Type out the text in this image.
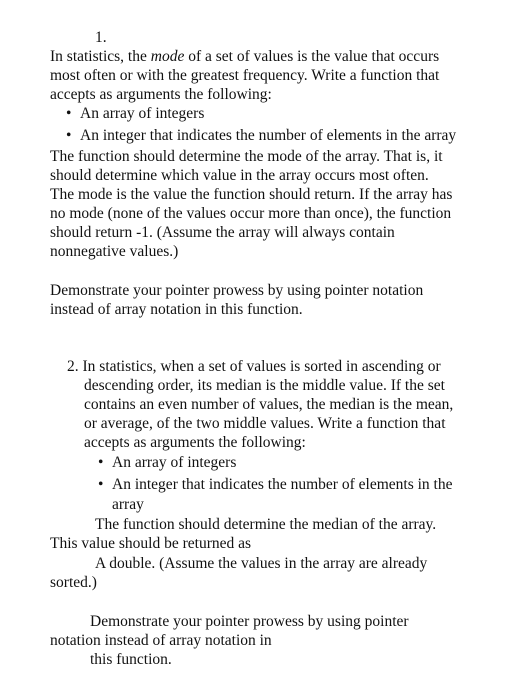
1.
In statistics, the mode of a set of values is the value that occurs
most often or with the greatest frequency. Write a function that
accepts as arguments the following:
• An array of integers
• An integer that indicates the number of elements in the array
The function should determine the mode of the array. That is, it
should determine which value in the array occurs most often.
The mode is the value the function should return. If the array has
no mode (none of the values occur more than once), the function
should return -1. (Assume the array will always contain
nonnegative values.)
Demonstrate your pointer prowess by using pointer notation
instead of array notation in this function.
2. In statistics, when a set of values is sorted in ascending or
descending order, its median is the middle value. If the set
contains an even number of values, the median is the mean,
or average, of the two middle values. Write a function that
accepts as arguments the following:
• An array of integers
• An integer that indicates the number of elements in the
array
The function should determine the median of the array.
This value should be returned as
A double. (Assume the values in the array are already
sorted.)
Demonstrate your pointer prowess by using pointer
notation instead of array notation in
this function.
